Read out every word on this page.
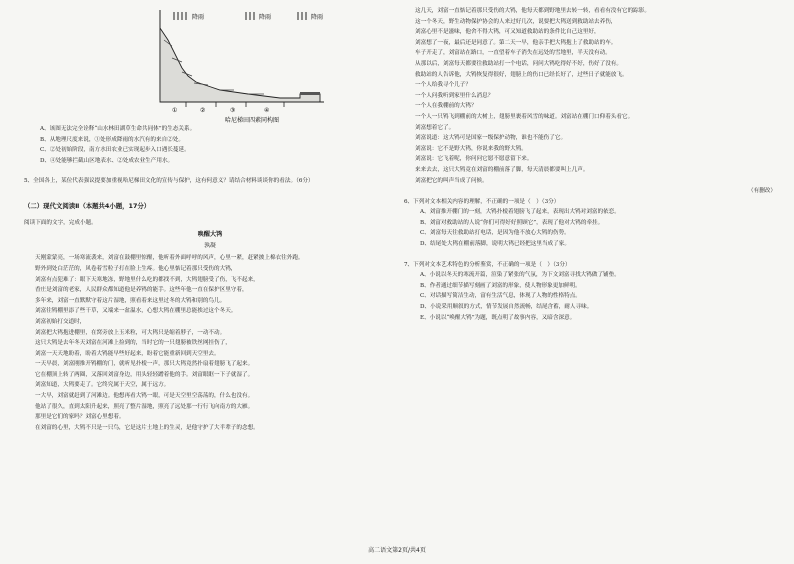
降雨	降雨	降雨
①	②	③	④
哈尼梯田四素同构图

A、该图无法完全诠释“山水林田湖草生命共同体”的生态关系。

B、从地理尺度来说，①处形成降雨的水汽有的来自②处。

C、②处初始阶段，南方水田农业已实现起步入口遇长蔓延。

D、④处能够拦截山区地表水、②处成农业生产用水。

5、全国各上，某位代表强议提要加重视哈尼梯田文化的宣传与保护，这有何意义？请结合材料谈谈你的看法。（6分）

（二）现代文阅读Ⅱ（本题共4小题，17分）

阅读下面的文字，完成小题。

唤醒大鸨

孰凝

天刚蒙蒙亮，一场寒流袭来，刘富在鼓棚里惊醒，他听着外面呼呼的风声，心里一紧，赶紧披上棉衣往外跑。

野外到处白茫茫的，风卷着雪粒子打在脸上生疼。他心里惦记着那只受伤的大鸨，

刘富有点犯难了：眼下天寒地冻，野地里什么吃的都找不到，大鸨翅膀受了伤，飞不起来，

香庄是刘富的老家，人民群众都知道他是养鸨的能手。这些年他一直在保护区里守着，

多年来，刘富一直默默守着这片湿地，照看着来这里过冬的大鸨和别的鸟儿。

刘富往鸨棚里添了些干草，又端来一盆温水，心想大鸨在棚里总能挨过这个冬天。

刘富初始打交道时，

刘富把大鸨抱进棚里，在窝旁放上玉米粒，可大鸨只是缩着脖子，一动不动。

这只大鸨是去年冬天刘富在河滩上捡到的，当时它的一只翅膀被铁丝网挂伤了，

刘富一天天地盼着，盼着大鸨能早些好起来，盼着它能重新回到天空里去。

一天早晨，刘富刚推开鸨棚的门，就听见扑棱一声，那只大鸨竟然扑扇着翅膀飞了起来。

它在棚顶上转了两圈，又落回刘富身边，用头轻轻蹭着他的手。刘富眼眶一下子就湿了。

刘富知道，大鸨要走了。它终究属于天空，属于远方。

一大早，刘富就赶到了河滩边。他想再看大鸨一眼，可是天空里空荡荡的，什么也没有。

他站了很久，直到太阳升起来，照亮了整片湿地，照亮了远处那一行行飞向南方的大雁。

那里是它们的家吗？刘富心里想着。

在刘富的心里，大鸨不只是一只鸟，它是这片土地上的生灵，是他守护了大半辈子的念想。

这几天，刘富一直惦记着那只受伤的大鸨，他每天都到野地里去转一转，看看有没有它的踪影。

这一个冬天，野生动物保护协会的人来过好几次，说要把大鸨送到救助站去养伤，

刘富心里不是滋味，他舍不得大鸨，可又知道救助站的条件比自己这里好，

刘富想了一夜，最后还是同意了。第二天一早，他亲手把大鸨抱上了救助站的车。

车子开走了，刘富站在路口，一直望着车子消失在远处的雪地里，半天没有动。

从那以后，刘富每天都要往救助站打一个电话，问问大鸨吃得好不好，伤好了没有。

救助站的人告诉他，大鸨恢复得很好，翅膀上的伤口已经长好了，过些日子就能放飞。

一个人给我寻个儿子？

一个人问我听到家里什么消息？

一个人在我棚前的大鸨？

一个人一只鸨飞到棚前的大树上，翅膀里裹着风雪的味道。刘富站在棚门口仰着头看它。

刘富想着它了。

刘富说道：这大鸨可是国家一级保护动物，谁也不能伤了它。

刘富说：它不是野大鸨，你说来我的野大鸨。

刘富说：它飞着呢，你问问它愿不愿意留下来。

来来去去，这只大鸨竟在刘富的棚前落了脚，每天清晨都要叫上几声。

刘富把它的叫声当成了问候。

（有删改）

6、下列对文本相关内容的理解，不正确的一项是（　）（3分）

A、刘富推开棚门的一刻，大鸨扑棱着翅膀飞了起来，表现出大鸨对刘富的依恋。

B、刘富对救助站的人说“你们可得好好照顾它”，表现了他对大鸨的牵挂。

C、刘富每天往救助站打电话，是因为他不放心大鸨的伤势。

D、结尾处大鸨在棚前落脚，说明大鸨已经把这里当成了家。

7、下列对文本艺术特色的分析鉴赏，不正确的一项是（　）（3分）

A、小说以冬天的寒流开篇，渲染了紧张的气氛，为下文刘富寻找大鸨做了铺垫。

B、作者通过细节描写刻画了刘富的形象，使人物形象更加鲜明。

C、对话描写简洁生动，富有生活气息，体现了人物的性格特点。

D、小说采用顺叙的方式，情节发展自然流畅，结尾含蓄，耐人寻味。

E、小说以“唤醒大鸨”为题，既点明了故事内容，又暗含深意。

高二语文第2页/共4页
